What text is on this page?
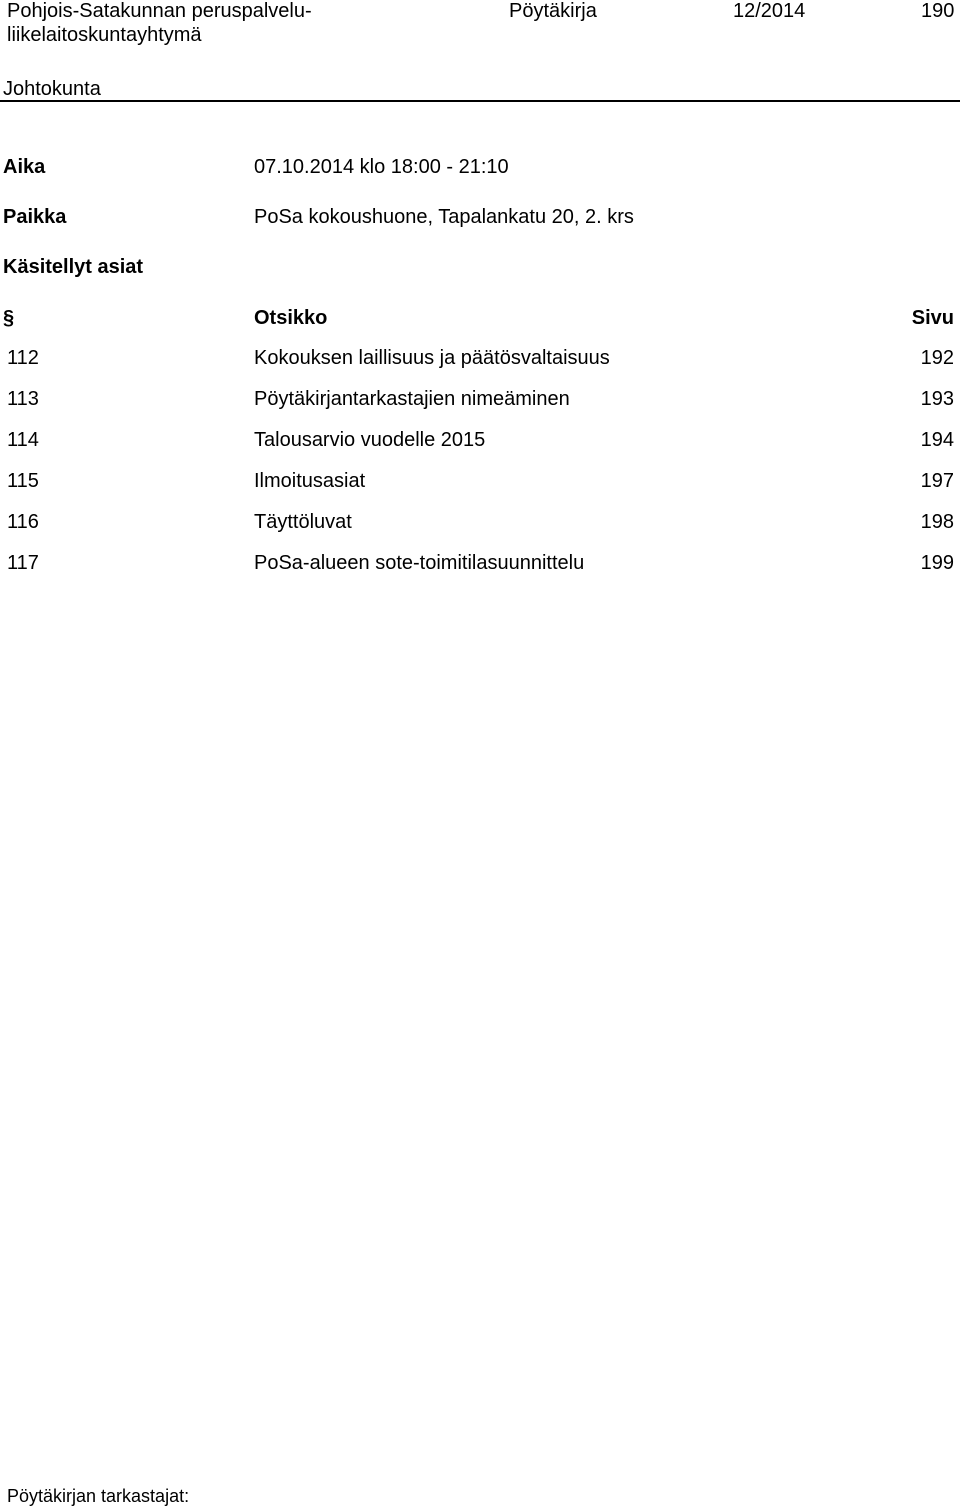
Pohjois-Satakunnan peruspalvelu-
liikelaitoskuntayhtymä
Pöytäkirja	12/2014	190
Johtokunta
Aika	07.10.2014 klo 18:00 - 21:10
Paikka	PoSa kokoushuone, Tapalankatu 20, 2. krs
Käsitellyt asiat
§	Otsikko	Sivu
112	Kokouksen laillisuus ja päätösvaltaisuus	192
113	Pöytäkirjantarkastajien nimeäminen	193
114	Talousarvio vuodelle 2015	194
115	Ilmoitusasiat	197
116	Täyttöluvat	198
117	PoSa-alueen sote-toimitilasuunnittelu	199
Pöytäkirjan tarkastajat:
